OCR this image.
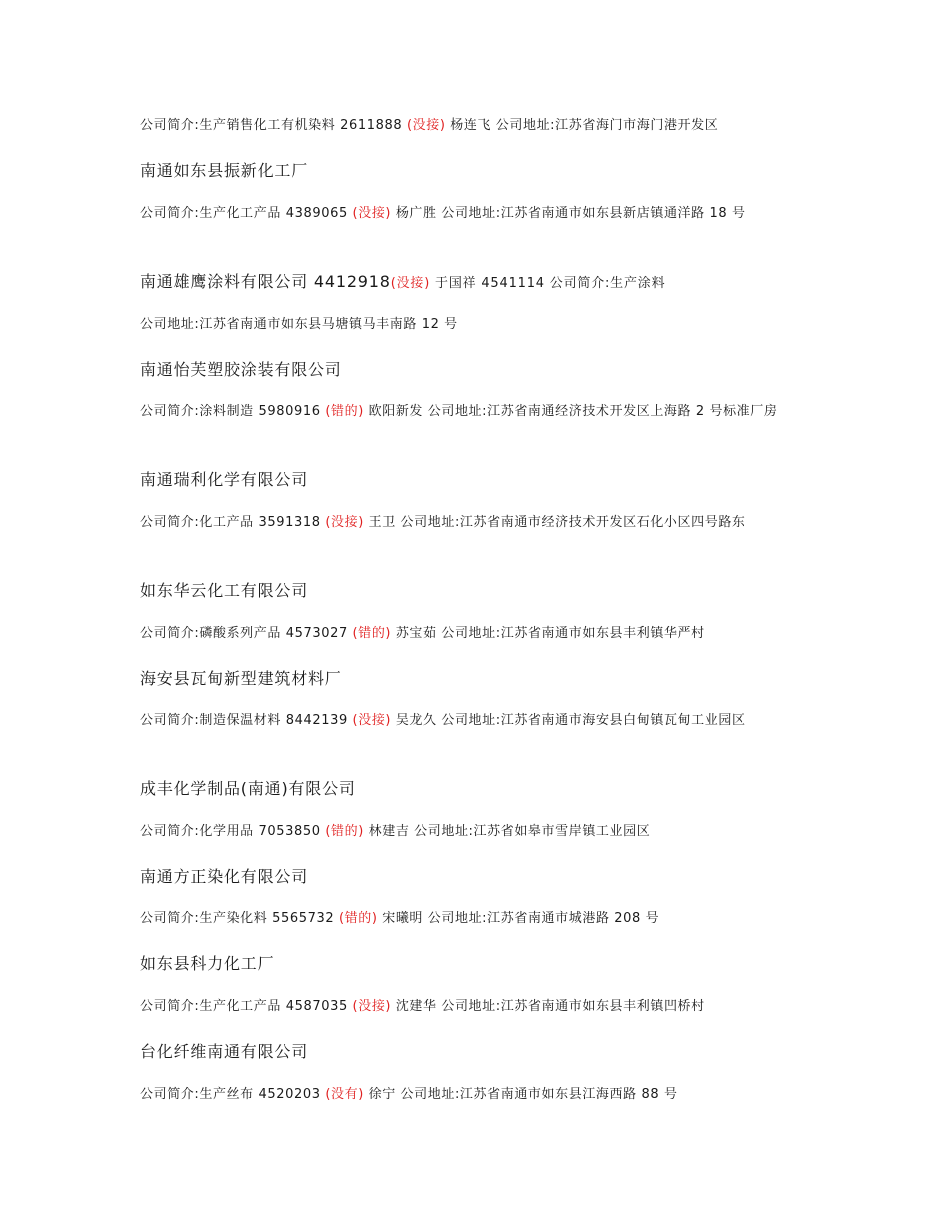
公司简介:生产销售化工有机染料 2611888 (没接) 杨连飞 公司地址:江苏省海门市海门港开发区
南通如东县振新化工厂
公司简介:生产化工产品 4389065 (没接) 杨广胜 公司地址:江苏省南通市如东县新店镇通洋路 18 号
南通雄鹰涂料有限公司 4412918(没接) 于国祥 4541114 公司简介:生产涂料
公司地址:江苏省南通市如东县马塘镇马丰南路 12 号
南通怡芙塑胶涂装有限公司
公司简介:涂料制造 5980916 (错的) 欧阳新发 公司地址:江苏省南通经济技术开发区上海路 2 号标准厂房
南通瑞利化学有限公司
公司简介:化工产品 3591318 (没接) 王卫 公司地址:江苏省南通市经济技术开发区石化小区四号路东
如东华云化工有限公司
公司简介:磷酸系列产品 4573027 (错的) 苏宝茹 公司地址:江苏省南通市如东县丰利镇华严村
海安县瓦甸新型建筑材料厂
公司简介:制造保温材料 8442139 (没接) 吴龙久 公司地址:江苏省南通市海安县白甸镇瓦甸工业园区
成丰化学制品(南通)有限公司
公司简介:化学用品 7053850 (错的) 林建吉 公司地址:江苏省如皋市雪岸镇工业园区
南通方正染化有限公司
公司简介:生产染化料 5565732 (错的) 宋曦明 公司地址:江苏省南通市城港路 208 号
如东县科力化工厂
公司简介:生产化工产品 4587035 (没接) 沈建华 公司地址:江苏省南通市如东县丰利镇凹桥村
台化纤维南通有限公司
公司简介:生产丝布 4520203 (没有) 徐宁 公司地址:江苏省南通市如东县江海西路 88 号
